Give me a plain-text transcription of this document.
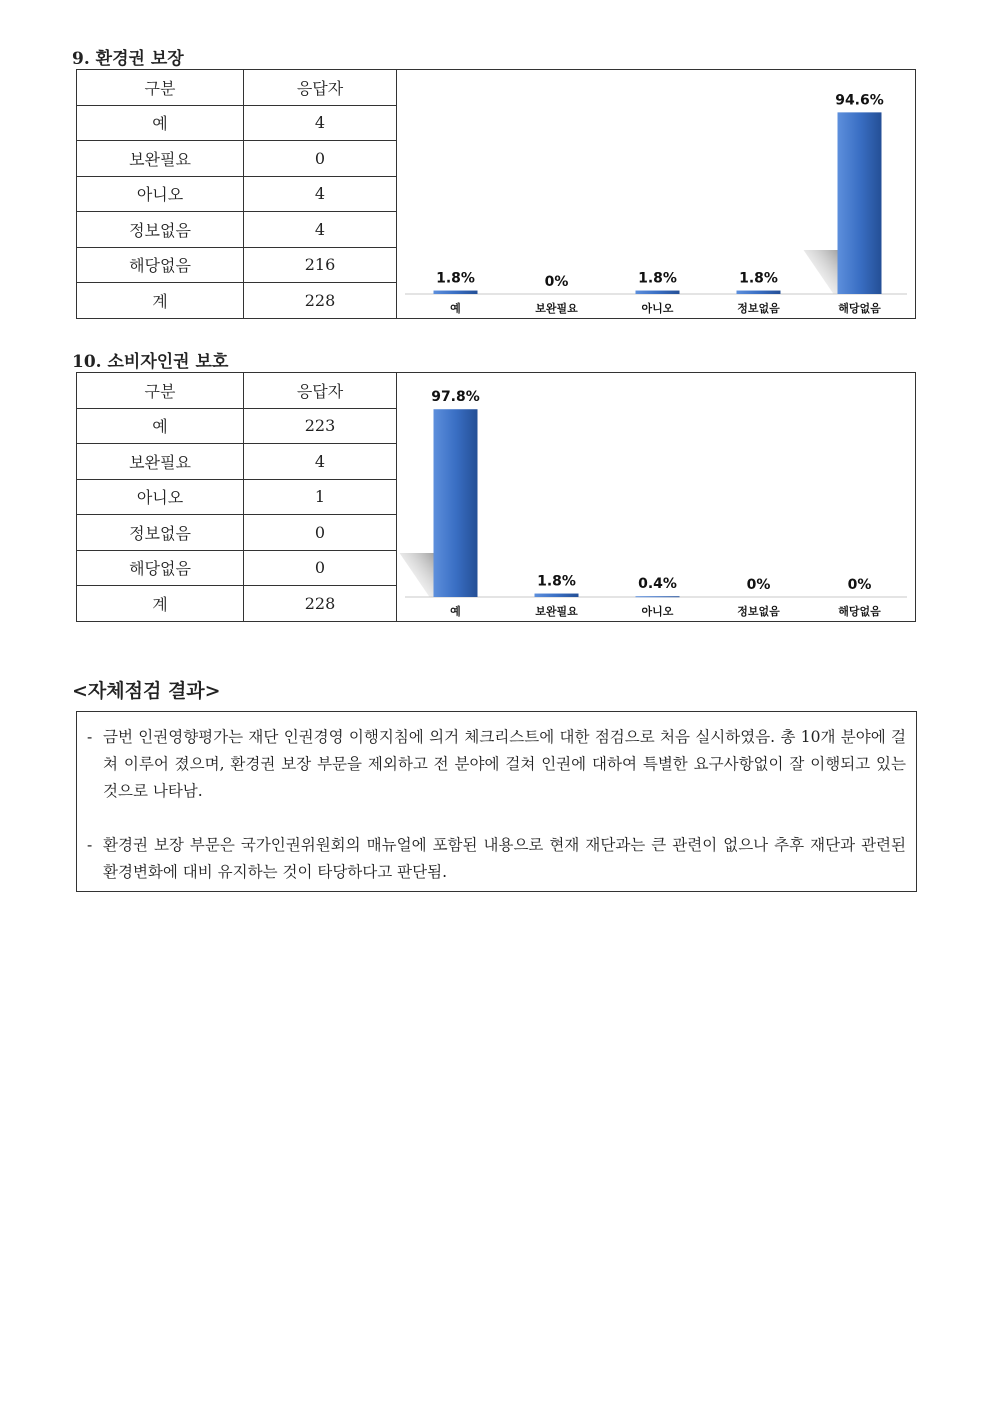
9. 환경권 보장
구분	응답자
예	4
보완필요	0
아니오	4
정보없음	4
해당없음	216
계	228
1.8%
예
0%
보완필요
1.8%
아니오
1.8%
정보없음
94.6%
해당없음
10. 소비자인권 보호
구분	응답자
예	223
보완필요	4
아니오	1
정보없음	0
해당없음	0
계	228
97.8%
예
1.8%
보완필요
0.4%
아니오
0%
정보없음
0%
해당없음
<자체점검 결과>
- 금번 인권영향평가는 재단 인권경영 이행지침에 의거 체크리스트에 대한 점검으로 처음 실시하였음. 총 10개 분야에 걸쳐 이루어 졌으며, 환경권 보장 부문을 제외하고 전 분야에 걸쳐 인권에 대하여 특별한 요구사항없이 잘 이행되고 있는 것으로 나타남.
- 환경권 보장 부문은 국가인권위원회의 매뉴얼에 포함된 내용으로 현재 재단과는 큰 관련이 없으나 추후 재단과 관련된 환경변화에 대비 유지하는 것이 타당하다고 판단됨.
